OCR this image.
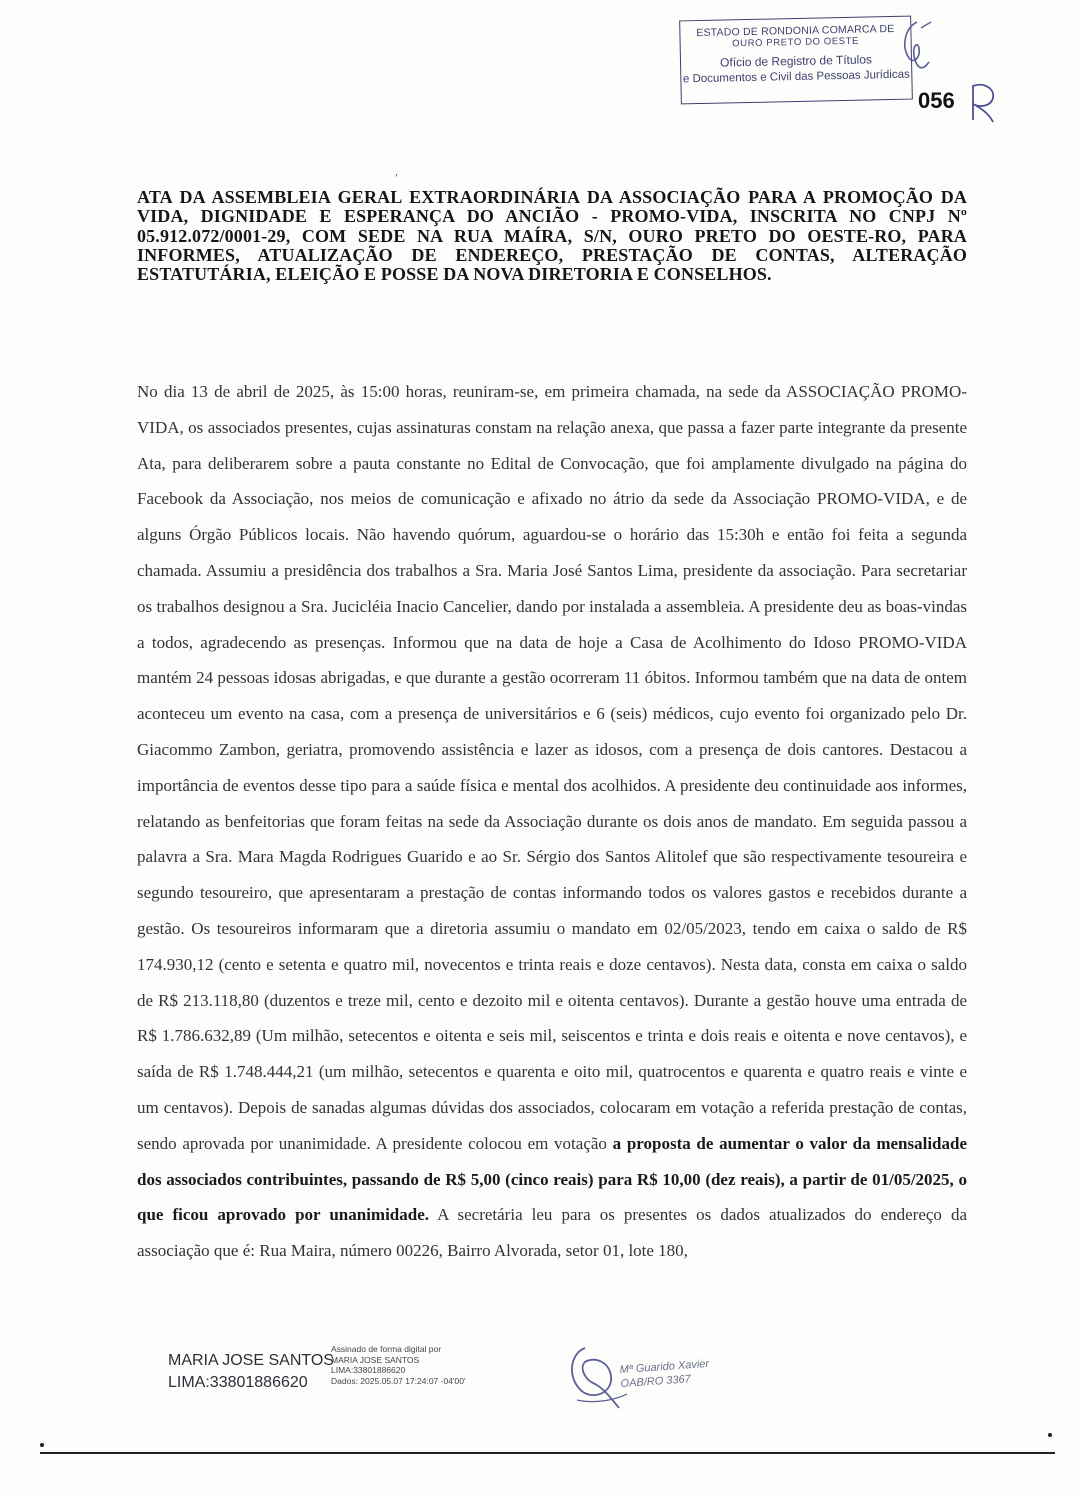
ESTADO DE RONDONIA COMARCA DE
OURO PRETO DO OESTE
Ofício de Registro de Títulos
e Documentos e Civil das Pessoas Jurídicas
056
,

ATA DA ASSEMBLEIA GERAL EXTRAORDINÁRIA DA ASSOCIAÇÃO PARA A PROMOÇÃO DA VIDA, DIGNIDADE E ESPERANÇA DO ANCIÃO - PROMO-VIDA, INSCRITA NO CNPJ Nº 05.912.072/0001-29, COM SEDE NA RUA MAÍRA, S/N, OURO PRETO DO OESTE-RO, PARA INFORMES, ATUALIZAÇÃO DE ENDEREÇO, PRESTAÇÃO DE CONTAS, ALTERAÇÃO ESTATUTÁRIA, ELEIÇÃO E POSSE DA NOVA DIRETORIA E CONSELHOS.

No dia 13 de abril de 2025, às 15:00 horas, reuniram-se, em primeira chamada, na sede da ASSOCIAÇÃO PROMO-VIDA, os associados presentes, cujas assinaturas constam na relação anexa, que passa a fazer parte integrante da presente Ata, para deliberarem sobre a pauta constante no Edital de Convocação, que foi amplamente divulgado na página do Facebook da Associação, nos meios de comunicação e afixado no átrio da sede da Associação PROMO-VIDA, e de alguns Órgão Públicos locais. Não havendo quórum, aguardou-se o horário das 15:30h e então foi feita a segunda chamada. Assumiu a presidência dos trabalhos a Sra. Maria José Santos Lima, presidente da associação. Para secretariar os trabalhos designou a Sra. Jucicléia Inacio Cancelier, dando por instalada a assembleia. A presidente deu as boas-vindas a todos, agradecendo as presenças. Informou que na data de hoje a Casa de Acolhimento do Idoso PROMO-VIDA mantém 24 pessoas idosas abrigadas, e que durante a gestão ocorreram 11 óbitos. Informou também que na data de ontem aconteceu um evento na casa, com a presença de universitários e 6 (seis) médicos, cujo evento foi organizado pelo Dr. Giacommo Zambon, geriatra, promovendo assistência e lazer as idosos, com a presença de dois cantores. Destacou a importância de eventos desse tipo para a saúde física e mental dos acolhidos. A presidente deu continuidade aos informes, relatando as benfeitorias que foram feitas na sede da Associação durante os dois anos de mandato. Em seguida passou a palavra a Sra. Mara Magda Rodrigues Guarido e ao Sr. Sérgio dos Santos Alitolef que são respectivamente tesoureira e segundo tesoureiro, que apresentaram a prestação de contas informando todos os valores gastos e recebidos durante a gestão. Os tesoureiros informaram que a diretoria assumiu o mandato em 02/05/2023, tendo em caixa o saldo de R$ 174.930,12 (cento e setenta e quatro mil, novecentos e trinta reais e doze centavos). Nesta data, consta em caixa o saldo de R$ 213.118,80 (duzentos e treze mil, cento e dezoito mil e oitenta centavos). Durante a gestão houve uma entrada de R$ 1.786.632,89 (Um milhão, setecentos e oitenta e seis mil, seiscentos e trinta e dois reais e oitenta e nove centavos), e saída de R$ 1.748.444,21 (um milhão, setecentos e quarenta e oito mil, quatrocentos e quarenta e quatro reais e vinte e um centavos). Depois de sanadas algumas dúvidas dos associados, colocaram em votação a referida prestação de contas, sendo aprovada por unanimidade. A presidente colocou em votação a proposta de aumentar o valor da mensalidade dos associados contribuintes, passando de R$ 5,00 (cinco reais) para R$ 10,00 (dez reais), a partir de 01/05/2025, o que ficou aprovado por unanimidade. A secretária leu para os presentes os dados atualizados do endereço da associação que é: Rua Maira, número 00226, Bairro Alvorada, setor 01, lote 180,

MARIA JOSE SANTOS
LIMA:33801886620
Assinado de forma digital por
MARIA JOSE SANTOS
LIMA:33801886620
Dados: 2025.05.07 17:24:07 -04'00'
Mª Guarido Xavier
OAB/RO 3367
